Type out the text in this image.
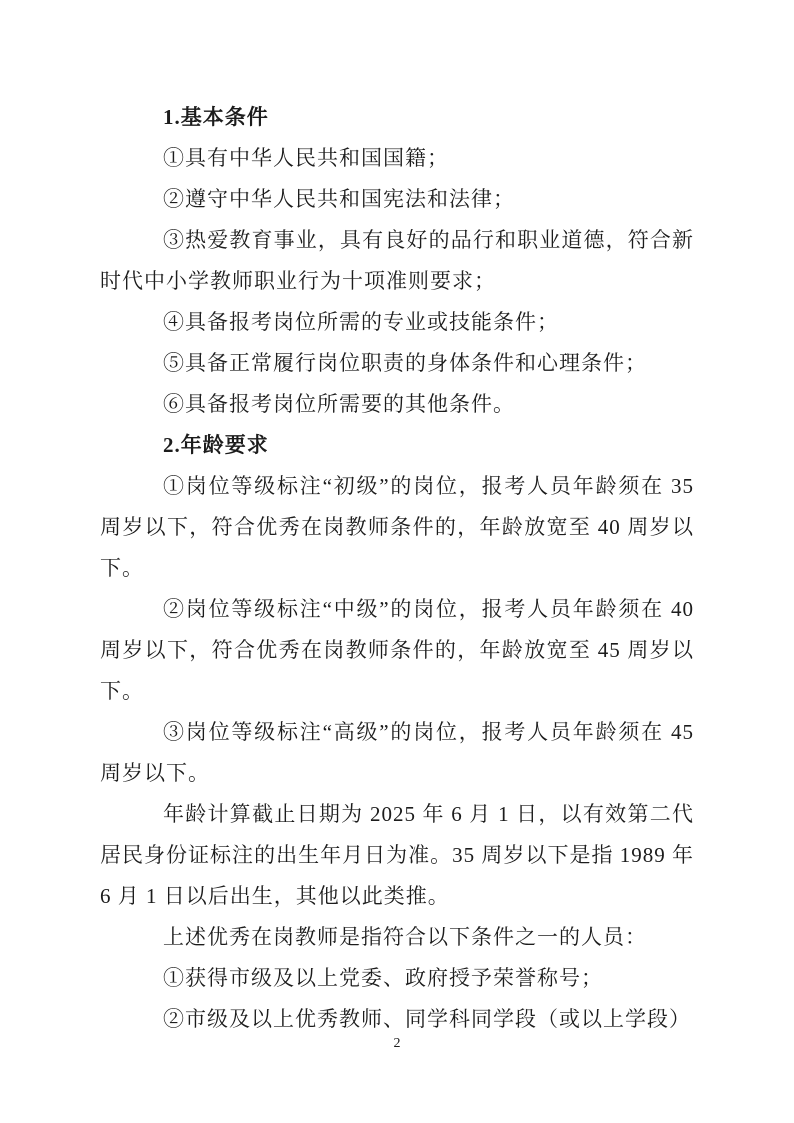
1.基本条件

①具有中华人民共和国国籍；

②遵守中华人民共和国宪法和法律；

③热爱教育事业，具有良好的品行和职业道德，符合新时代中小学教师职业行为十项准则要求；

④具备报考岗位所需的专业或技能条件；

⑤具备正常履行岗位职责的身体条件和心理条件；

⑥具备报考岗位所需要的其他条件。

2.年龄要求

①岗位等级标注“初级”的岗位，报考人员年龄须在 35 周岁以下，符合优秀在岗教师条件的，年龄放宽至 40 周岁以下。

②岗位等级标注“中级”的岗位，报考人员年龄须在 40 周岁以下，符合优秀在岗教师条件的，年龄放宽至 45 周岁以下。

③岗位等级标注“高级”的岗位，报考人员年龄须在 45 周岁以下。

年龄计算截止日期为 2025 年 6 月 1 日，以有效第二代居民身份证标注的出生年月日为准。35 周岁以下是指 1989 年 6 月 1 日以后出生，其他以此类推。

上述优秀在岗教师是指符合以下条件之一的人员：

①获得市级及以上党委、政府授予荣誉称号；

②市级及以上优秀教师、同学科同学段（或以上学段）

2
